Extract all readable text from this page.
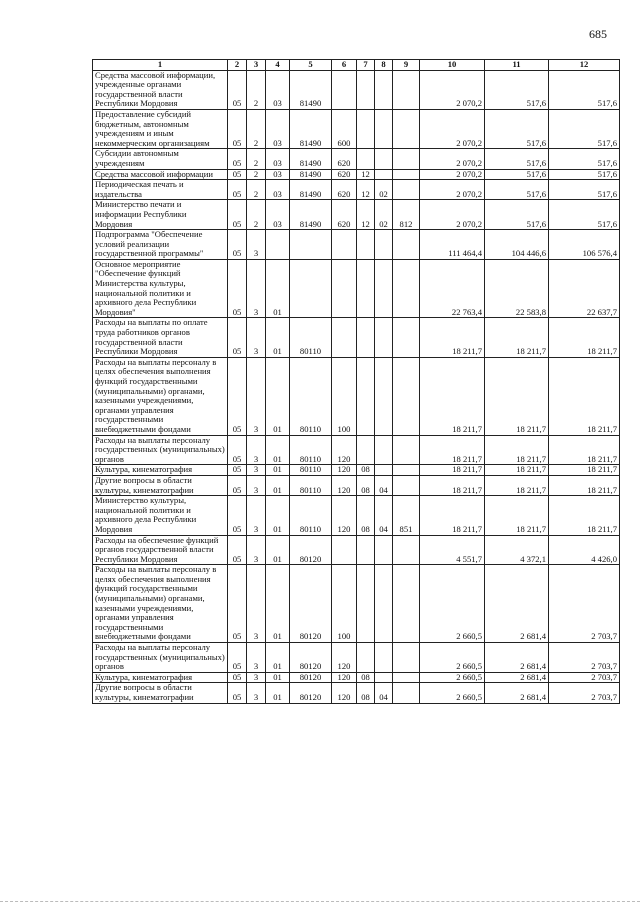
685
1	2	3	4	5	6	7	8	9	10	11	12
Средства массовой информации, учрежденные органами государственной власти Республики Мордовия	05	2	03	81490					2 070,2	517,6	517,6
Предоставление субсидий бюджетным, автономным учреждениям и иным некоммерческим организациям	05	2	03	81490	600				2 070,2	517,6	517,6
Субсидии автономным учреждениям	05	2	03	81490	620				2 070,2	517,6	517,6
Средства массовой информации	05	2	03	81490	620	12			2 070,2	517,6	517,6
Периодическая печать и издательства	05	2	03	81490	620	12	02		2 070,2	517,6	517,6
Министерство печати и информации Республики Мордовия	05	2	03	81490	620	12	02	812	2 070,2	517,6	517,6
Подпрограмма "Обеспечение условий реализации государственной программы"	05	3							111 464,4	104 446,6	106 576,4
Основное мероприятие "Обеспечение функций Министерства культуры, национальной политики и архивного дела Республики Мордовия"	05	3	01						22 763,4	22 583,8	22 637,7
Расходы на выплаты по оплате труда работников органов государственной власти Республики Мордовия	05	3	01	80110					18 211,7	18 211,7	18 211,7
Расходы на выплаты персоналу в целях обеспечения выполнения функций государственными (муниципальными) органами, казенными учреждениями, органами управления государственными внебюджетными фондами	05	3	01	80110	100				18 211,7	18 211,7	18 211,7
Расходы на выплаты персоналу государственных (муниципальных) органов	05	3	01	80110	120				18 211,7	18 211,7	18 211,7
Культура, кинематография	05	3	01	80110	120	08			18 211,7	18 211,7	18 211,7
Другие вопросы в области культуры, кинематографии	05	3	01	80110	120	08	04		18 211,7	18 211,7	18 211,7
Министерство культуры, национальной политики и архивного дела Республики Мордовия	05	3	01	80110	120	08	04	851	18 211,7	18 211,7	18 211,7
Расходы на обеспечение функций органов государственной власти Республики Мордовия	05	3	01	80120					4 551,7	4 372,1	4 426,0
Расходы на выплаты персоналу в целях обеспечения выполнения функций государственными (муниципальными) органами, казенными учреждениями, органами управления государственными внебюджетными фондами	05	3	01	80120	100				2 660,5	2 681,4	2 703,7
Расходы на выплаты персоналу государственных (муниципальных) органов	05	3	01	80120	120				2 660,5	2 681,4	2 703,7
Культура, кинематография	05	3	01	80120	120	08			2 660,5	2 681,4	2 703,7
Другие вопросы в области культуры, кинематографии	05	3	01	80120	120	08	04		2 660,5	2 681,4	2 703,7
